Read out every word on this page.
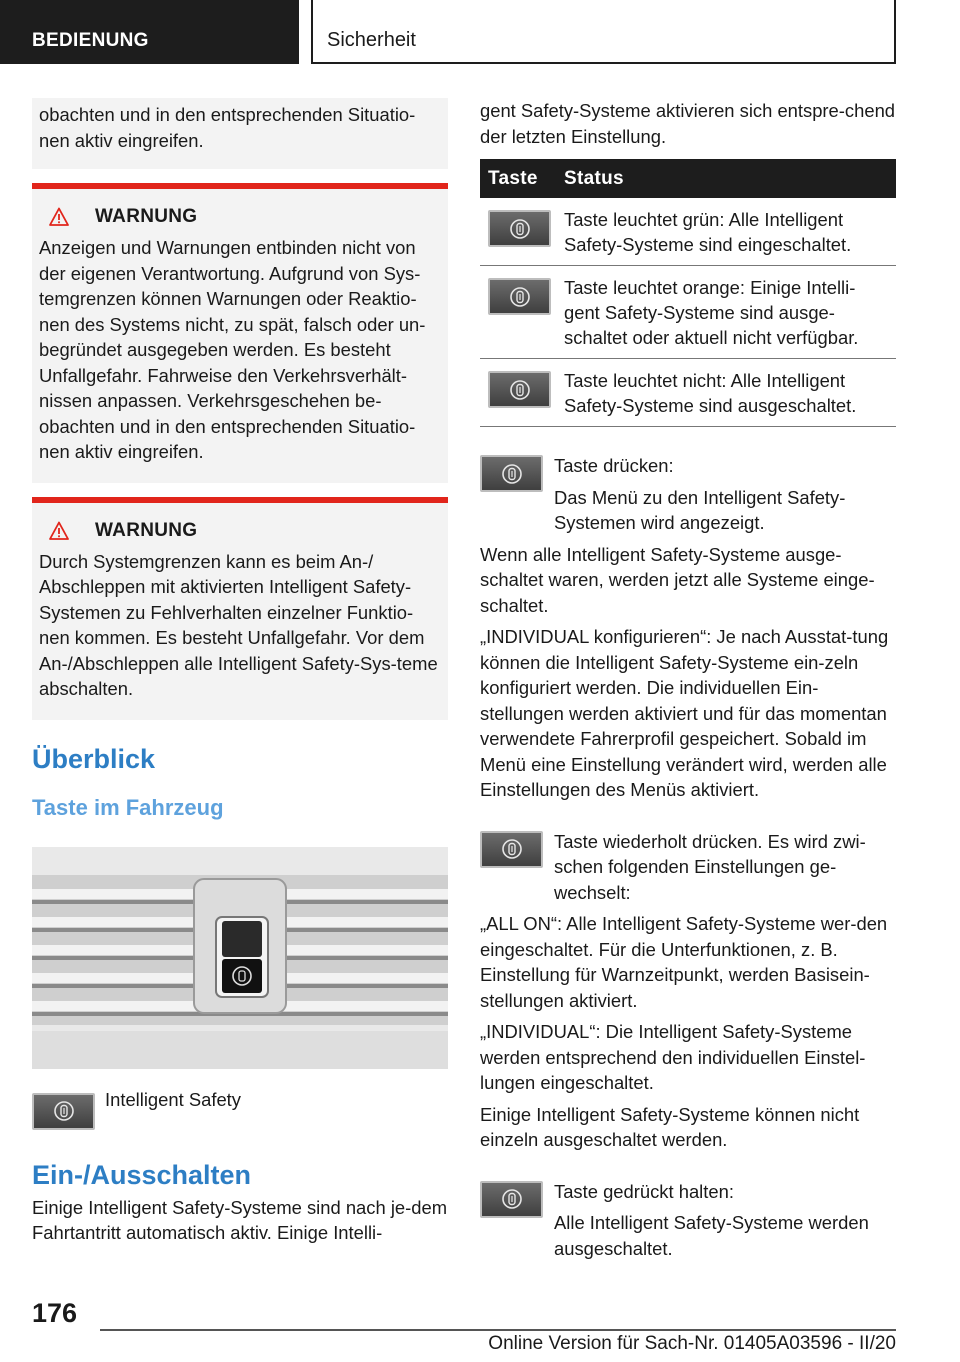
BEDIENUNG	Sicherheit

obachten und in den entsprechenden Situatio-nen aktiv eingreifen.

WARNUNG

Anzeigen und Warnungen entbinden nicht von der eigenen Verantwortung. Aufgrund von Sys-temgrenzen können Warnungen oder Reaktio-nen des Systems nicht, zu spät, falsch oder un-begründet ausgegeben werden. Es besteht Unfallgefahr. Fahrweise den Verkehrsverhält-nissen anpassen. Verkehrsgeschehen be-obachten und in den entsprechenden Situatio-nen aktiv eingreifen.

WARNUNG

Durch Systemgrenzen kann es beim An-/ Abschleppen mit aktivierten Intelligent Safety-Systemen zu Fehlverhalten einzelner Funktio-nen kommen. Es besteht Unfallgefahr. Vor dem An-/Abschleppen alle Intelligent Safety-Sys-teme abschalten.

Überblick
Taste im Fahrzeug
Intelligent Safety
Ein-/Ausschalten

Einige Intelligent Safety-Systeme sind nach je-dem Fahrtantritt automatisch aktiv. Einige Intelli-

gent Safety-Systeme aktivieren sich entspre-chend der letzten Einstellung.

Taste	Status

	Taste leuchtet grün: Alle Intelligent Safety-Systeme sind eingeschaltet.

	Taste leuchtet orange: Einige Intelli-gent Safety-Systeme sind ausge-schaltet oder aktuell nicht verfügbar.

	Taste leuchtet nicht: Alle Intelligent Safety-Systeme sind ausgeschaltet.

Taste drücken:

Das Menü zu den Intelligent Safety-Systemen wird angezeigt.

Wenn alle Intelligent Safety-Systeme ausge-schaltet waren, werden jetzt alle Systeme einge-schaltet.

„INDIVIDUAL konfigurieren“: Je nach Ausstat-tung können die Intelligent Safety-Systeme ein-zeln konfiguriert werden. Die individuellen Ein-stellungen werden aktiviert und für das momentan verwendete Fahrerprofil gespeichert. Sobald im Menü eine Einstellung verändert wird, werden alle Einstellungen des Menüs aktiviert.

Taste wiederholt drücken. Es wird zwi-schen folgenden Einstellungen ge-wechselt:

„ALL ON“: Alle Intelligent Safety-Systeme wer-den eingeschaltet. Für die Unterfunktionen, z. B. Einstellung für Warnzeitpunkt, werden Basisein-stellungen aktiviert.

„INDIVIDUAL“: Die Intelligent Safety-Systeme werden entsprechend den individuellen Einstel-lungen eingeschaltet.

Einige Intelligent Safety-Systeme können nicht einzeln ausgeschaltet werden.

Taste gedrückt halten:

Alle Intelligent Safety-Systeme werden ausgeschaltet.

176
Online Version für Sach-Nr. 01405A03596 - II/20
